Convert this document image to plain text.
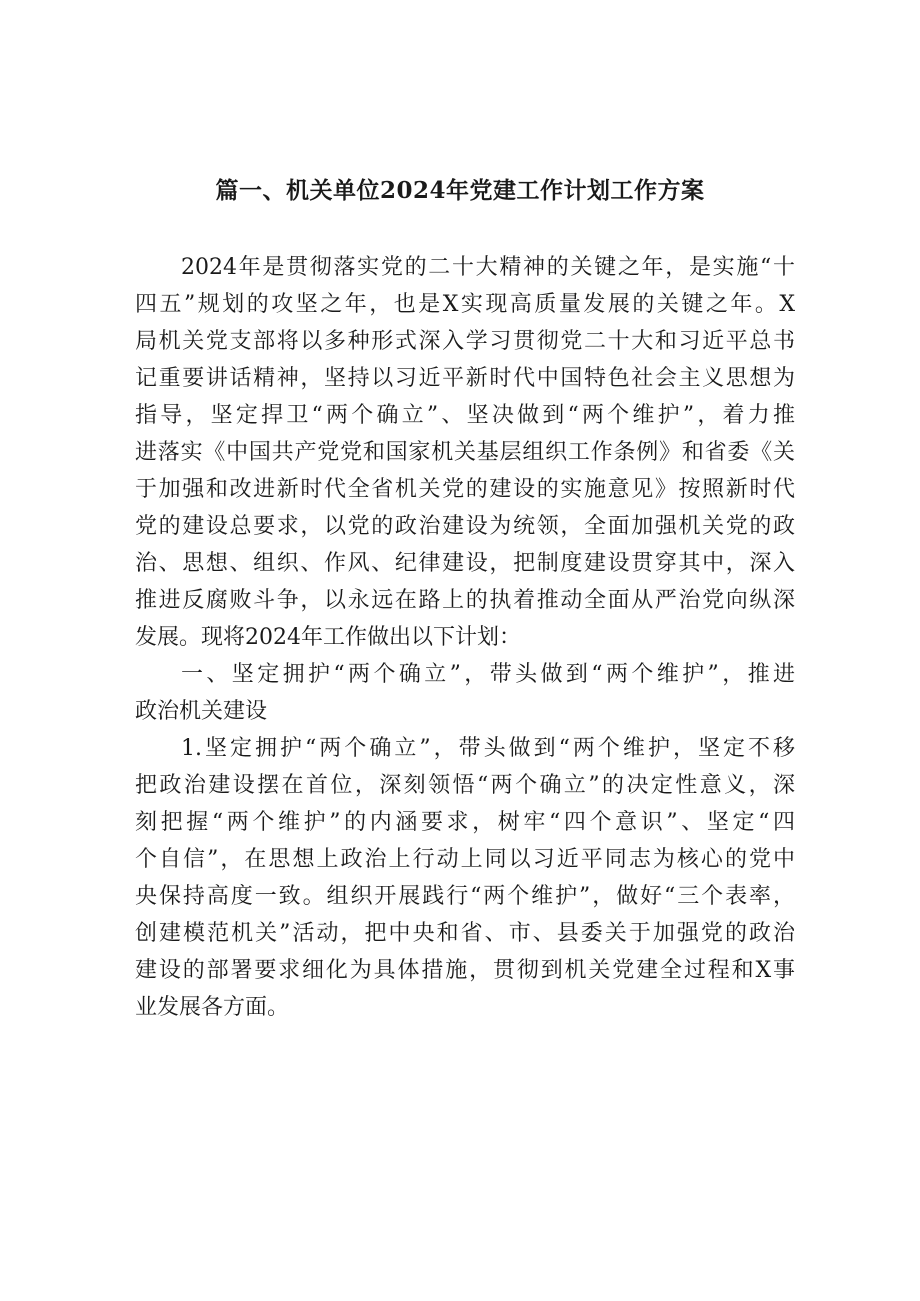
篇一、机关单位2024年党建工作计划工作方案
2024年是贯彻落实党的二十大精神的关键之年，是实施“十
四五”规划的攻坚之年，也是X实现高质量发展的关键之年。X
局机关党支部将以多种形式深入学习贯彻党二十大和习近平总书
记重要讲话精神，坚持以习近平新时代中国特色社会主义思想为
指导，坚定捍卫“两个确立”、坚决做到“两个维护”，着力推
进落实《中国共产党党和国家机关基层组织工作条例》和省委《关
于加强和改进新时代全省机关党的建设的实施意见》按照新时代
党的建设总要求，以党的政治建设为统领，全面加强机关党的政
治、思想、组织、作风、纪律建设，把制度建设贯穿其中，深入
推进反腐败斗争，以永远在路上的执着推动全面从严治党向纵深
发展。现将2024年工作做出以下计划：
一、坚定拥护“两个确立”，带头做到“两个维护”，推进
政治机关建设
1.坚定拥护“两个确立”，带头做到“两个维护，坚定不移
把政治建设摆在首位，深刻领悟“两个确立”的决定性意义，深
刻把握“两个维护”的内涵要求，树牢“四个意识”、坚定“四
个自信”，在思想上政治上行动上同以习近平同志为核心的党中
央保持高度一致。组织开展践行“两个维护”，做好“三个表率，
创建模范机关”活动，把中央和省、市、县委关于加强党的政治
建设的部署要求细化为具体措施，贯彻到机关党建全过程和X事
业发展各方面。
